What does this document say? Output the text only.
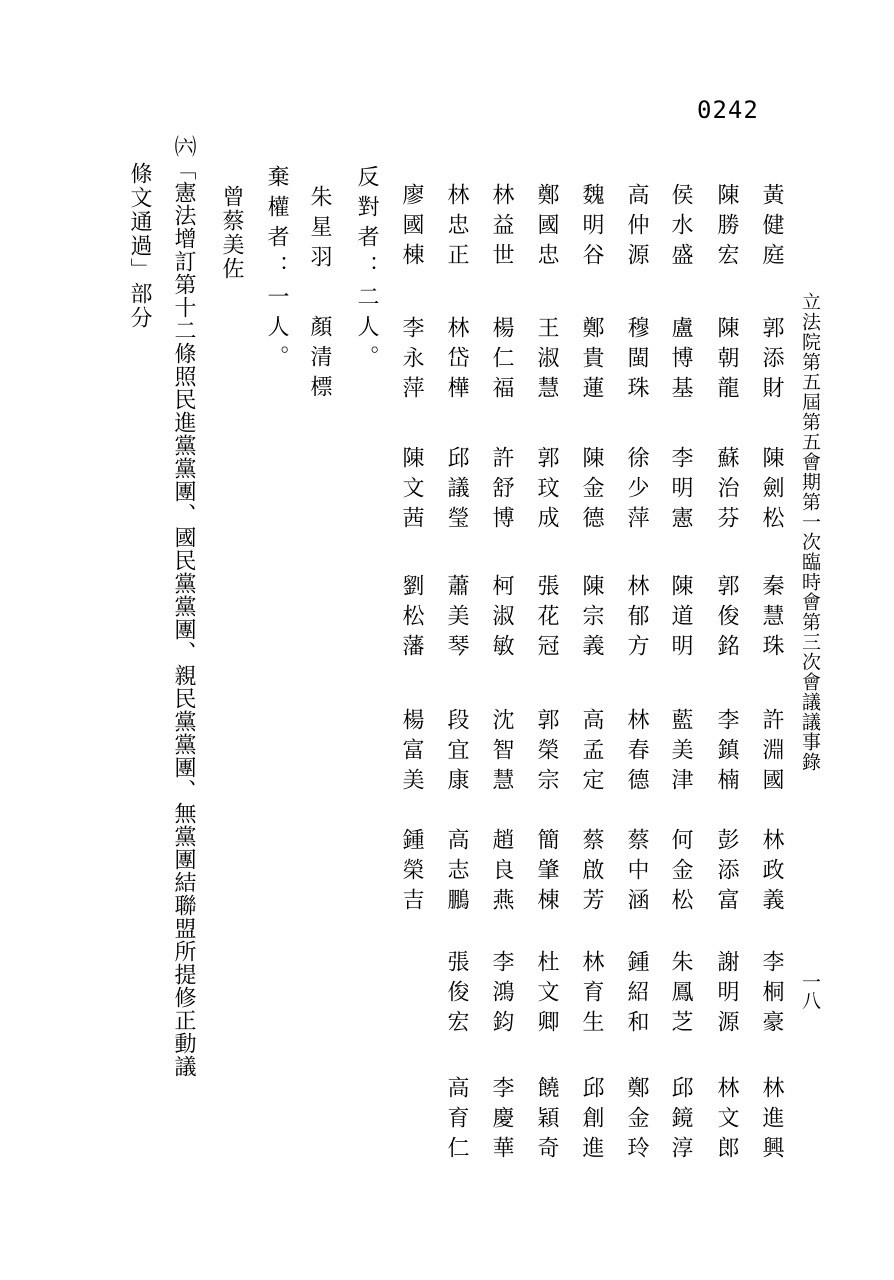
0242
立法院第五屆第五會期第一次臨時會第三次會議議事錄
一八
黃健庭
郭添財
陳劍松
秦慧珠
許淵國
林政義
李桐豪
林進興
陳勝宏
陳朝龍
蘇治芬
郭俊銘
李鎮楠
彭添富
謝明源
林文郎
侯水盛
盧博基
李明憲
陳道明
藍美津
何金松
朱鳳芝
邱鏡淳
高仲源
穆閩珠
徐少萍
林郁方
林春德
蔡中涵
鍾紹和
鄭金玲
魏明谷
鄭貴蓮
陳金德
陳宗義
高孟定
蔡啟芳
林育生
邱創進
鄭國忠
王淑慧
郭玟成
張花冠
郭榮宗
簡肇棟
杜文卿
饒穎奇
林益世
楊仁福
許舒博
柯淑敏
沈智慧
趙良燕
李鴻鈞
李慶華
林忠正
林岱樺
邱議瑩
蕭美琴
段宜康
高志鵬
張俊宏
高育仁
廖國棟
李永萍
陳文茜
劉松藩
楊富美
鍾榮吉
反對者：二人。
朱星羽
顏清標
棄權者：一人。
曾蔡美佐
㈥「憲法增訂第十二條照民進黨黨團、國民黨黨團、親民黨黨團、無黨團結聯盟所提修正動議
條文通過」部分
